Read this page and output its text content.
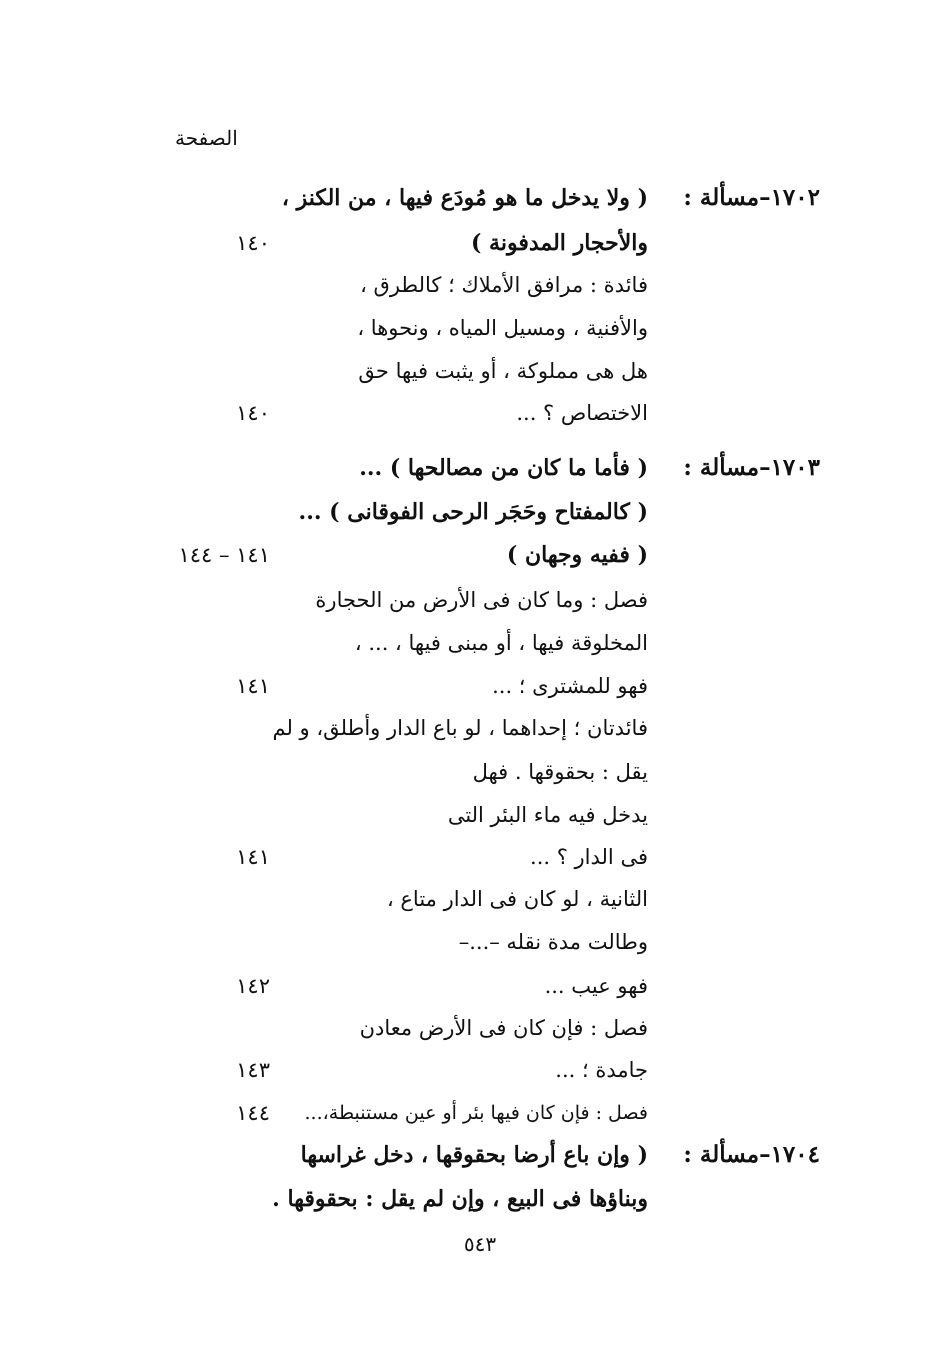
الصفحة
١٧٠٢–مسألة :
( ولا يدخل ما هو مُودَع فيها ، من الكنز ،
والأحجار المدفونة )
١٤٠
فائدة : مرافق الأملاك ؛ كالطرق ،
والأفنية ، ومسيل المياه ، ونحوها ،
هل هى مملوكة ، أو يثبت فيها حق
الاختصاص ؟ ...
١٤٠
١٧٠٣–مسألة :
( فأما ما كان من مصالحها ) ...
( كالمفتاح وحَجَر الرحى الفوقانى ) ...
( ففيه وجهان )
١٤١ – ١٤٤
فصل : وما كان فى الأرض من الحجارة
المخلوقة فيها ، أو مبنى فيها ، ... ،
فهو للمشترى ؛ ...
١٤١
فائدتان ؛ إحداهما ، لو باع الدار وأطلق، و لم
يقل : بحقوقها . فهل
يدخل فيه ماء البئر التى
فى الدار ؟ ...
١٤١
الثانية ، لو كان فى الدار متاع ،
وطالت مدة نقله –...–
فهو عيب ...
١٤٢
فصل : فإن كان فى الأرض معادن
جامدة ؛ ...
١٤٣
فصل : فإن كان فيها بئر أو عين مستنبطة،...
١٤٤
١٧٠٤–مسألة :
( وإن باع أرضا بحقوقها ، دخل غراسها
وبناؤها فى البيع ، وإن لم يقل : بحقوقها .
٥٤٣
